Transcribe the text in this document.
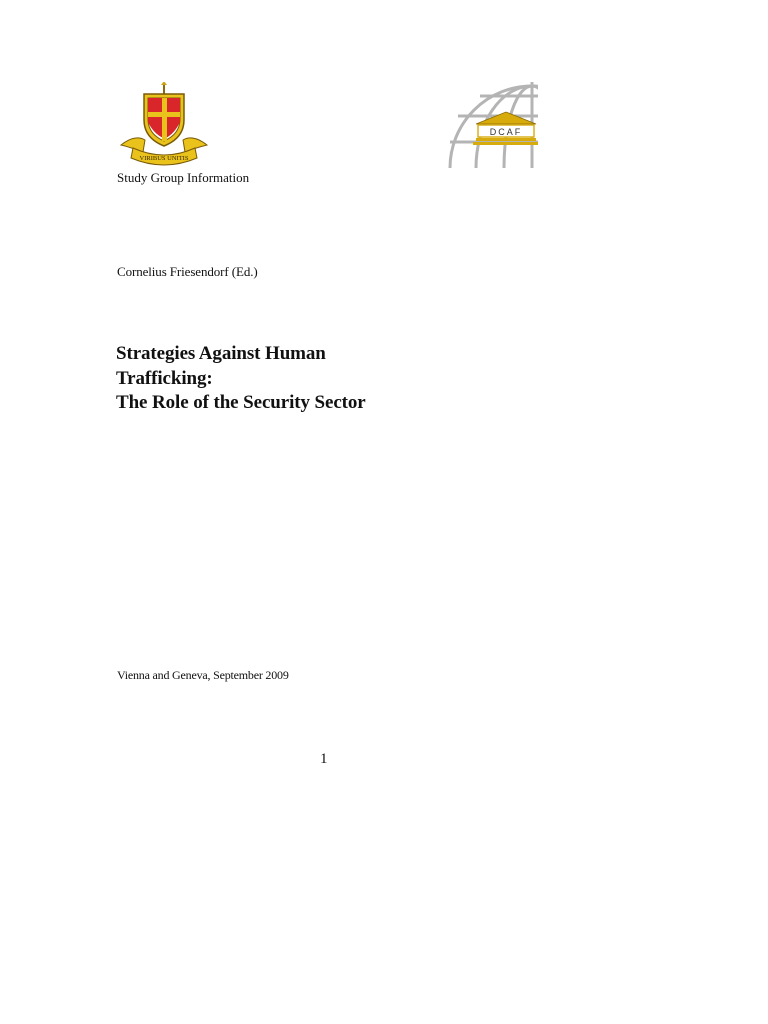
VIRIBUS UNITIS
DCAF
Study Group Information
Cornelius Friesendorf (Ed.)
Strategies Against Human
Trafficking:
The Role of the Security Sector
Vienna and Geneva, September 2009
1
